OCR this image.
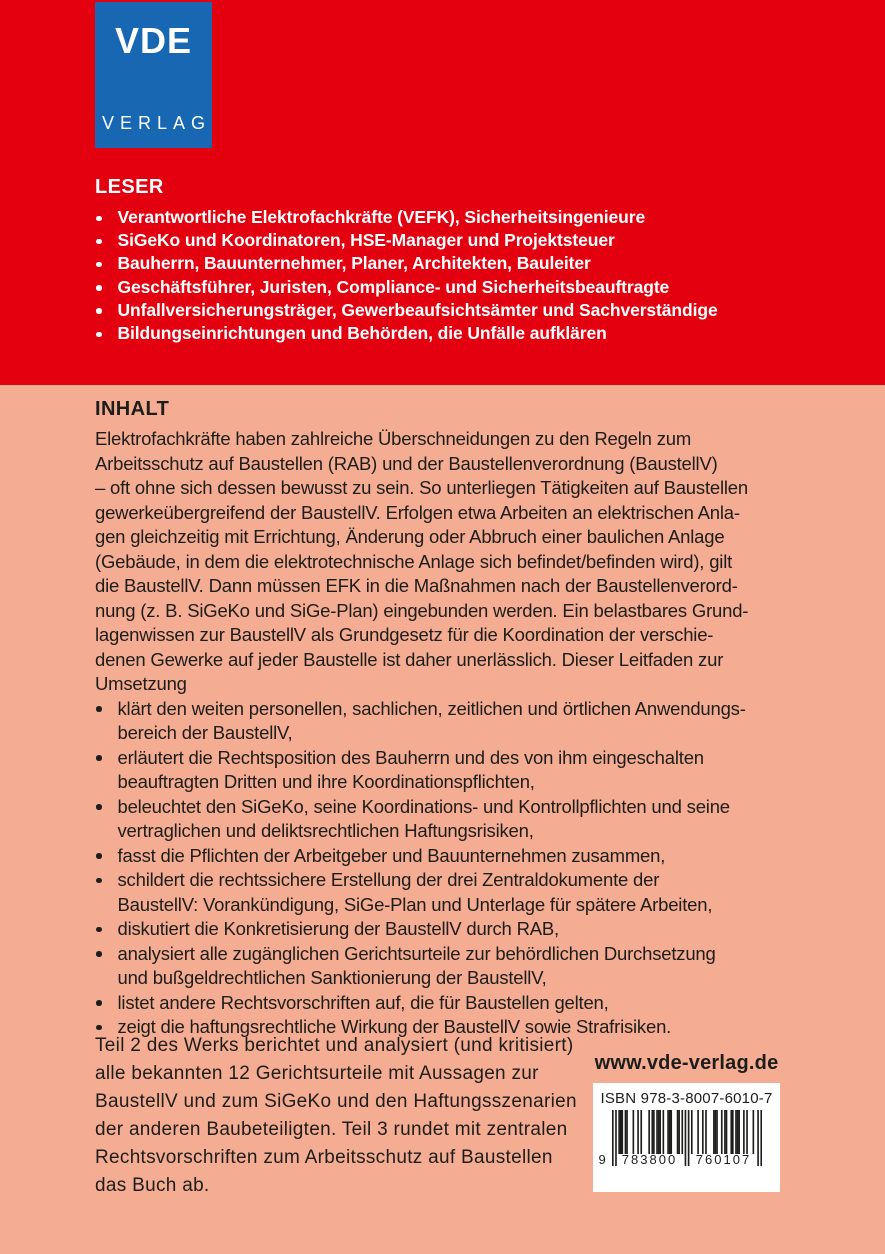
VDE
VERLAG
LESER
Verantwortliche Elektrofachkräfte (VEFK), Sicherheitsingenieure
SiGeKo und Koordinatoren, HSE-Manager und Projektsteuer
Bauherrn, Bauunternehmer, Planer, Architekten, Bauleiter
Geschäftsführer, Juristen, Compliance- und Sicherheitsbeauftragte
Unfallversicherungsträger, Gewerbeaufsichtsämter und Sachverständige
Bildungseinrichtungen und Behörden, die Unfälle aufklären
INHALT
Elektrofachkräfte haben zahlreiche Überschneidungen zu den Regeln zum
Arbeitsschutz auf Baustellen (RAB) und der Baustellenverordnung (BaustellV)
– oft ohne sich dessen bewusst zu sein. So unterliegen Tätigkeiten auf Baustellen
gewerkeübergreifend der BaustellV. Erfolgen etwa Arbeiten an elektrischen Anla-
gen gleichzeitig mit Errichtung, Änderung oder Abbruch einer baulichen Anlage
(Gebäude, in dem die elektrotechnische Anlage sich befindet/befinden wird), gilt
die BaustellV. Dann müssen EFK in die Maßnahmen nach der Baustellenverord-
nung (z. B. SiGeKo und SiGe-Plan) eingebunden werden. Ein belastbares Grund-
lagenwissen zur BaustellV als Grundgesetz für die Koordination der verschie-
denen Gewerke auf jeder Baustelle ist daher unerlässlich. Dieser Leitfaden zur
Umsetzung
klärt den weiten personellen, sachlichen, zeitlichen und örtlichen Anwendungs-
bereich der BaustellV,
erläutert die Rechtsposition des Bauherrn und des von ihm eingeschalten
beauftragten Dritten und ihre Koordinationspflichten,
beleuchtet den SiGeKo, seine Koordinations- und Kontrollpflichten und seine
vertraglichen und deliktsrechtlichen Haftungsrisiken,
fasst die Pflichten der Arbeitgeber und Bauunternehmen zusammen,
schildert die rechtssichere Erstellung der drei Zentraldokumente der
BaustellV: Vorankündigung, SiGe-Plan und Unterlage für spätere Arbeiten,
diskutiert die Konkretisierung der BaustellV durch RAB,
analysiert alle zugänglichen Gerichtsurteile zur behördlichen Durchsetzung
und bußgeldrechtlichen Sanktionierung der BaustellV,
listet andere Rechtsvorschriften auf, die für Baustellen gelten,
zeigt die haftungsrechtliche Wirkung der BaustellV sowie Strafrisiken.
Teil 2 des Werks berichtet und analysiert (und kritisiert)
alle bekannten 12 Gerichtsurteile mit Aussagen zur
BaustellV und zum SiGeKo und den Haftungsszenarien
der anderen Baubeteiligten. Teil 3 rundet mit zentralen
Rechtsvorschriften zum Arbeitsschutz auf Baustellen
das Buch ab.
www.vde-verlag.de
ISBN 978-3-8007-6010-7
9	783800	760107
